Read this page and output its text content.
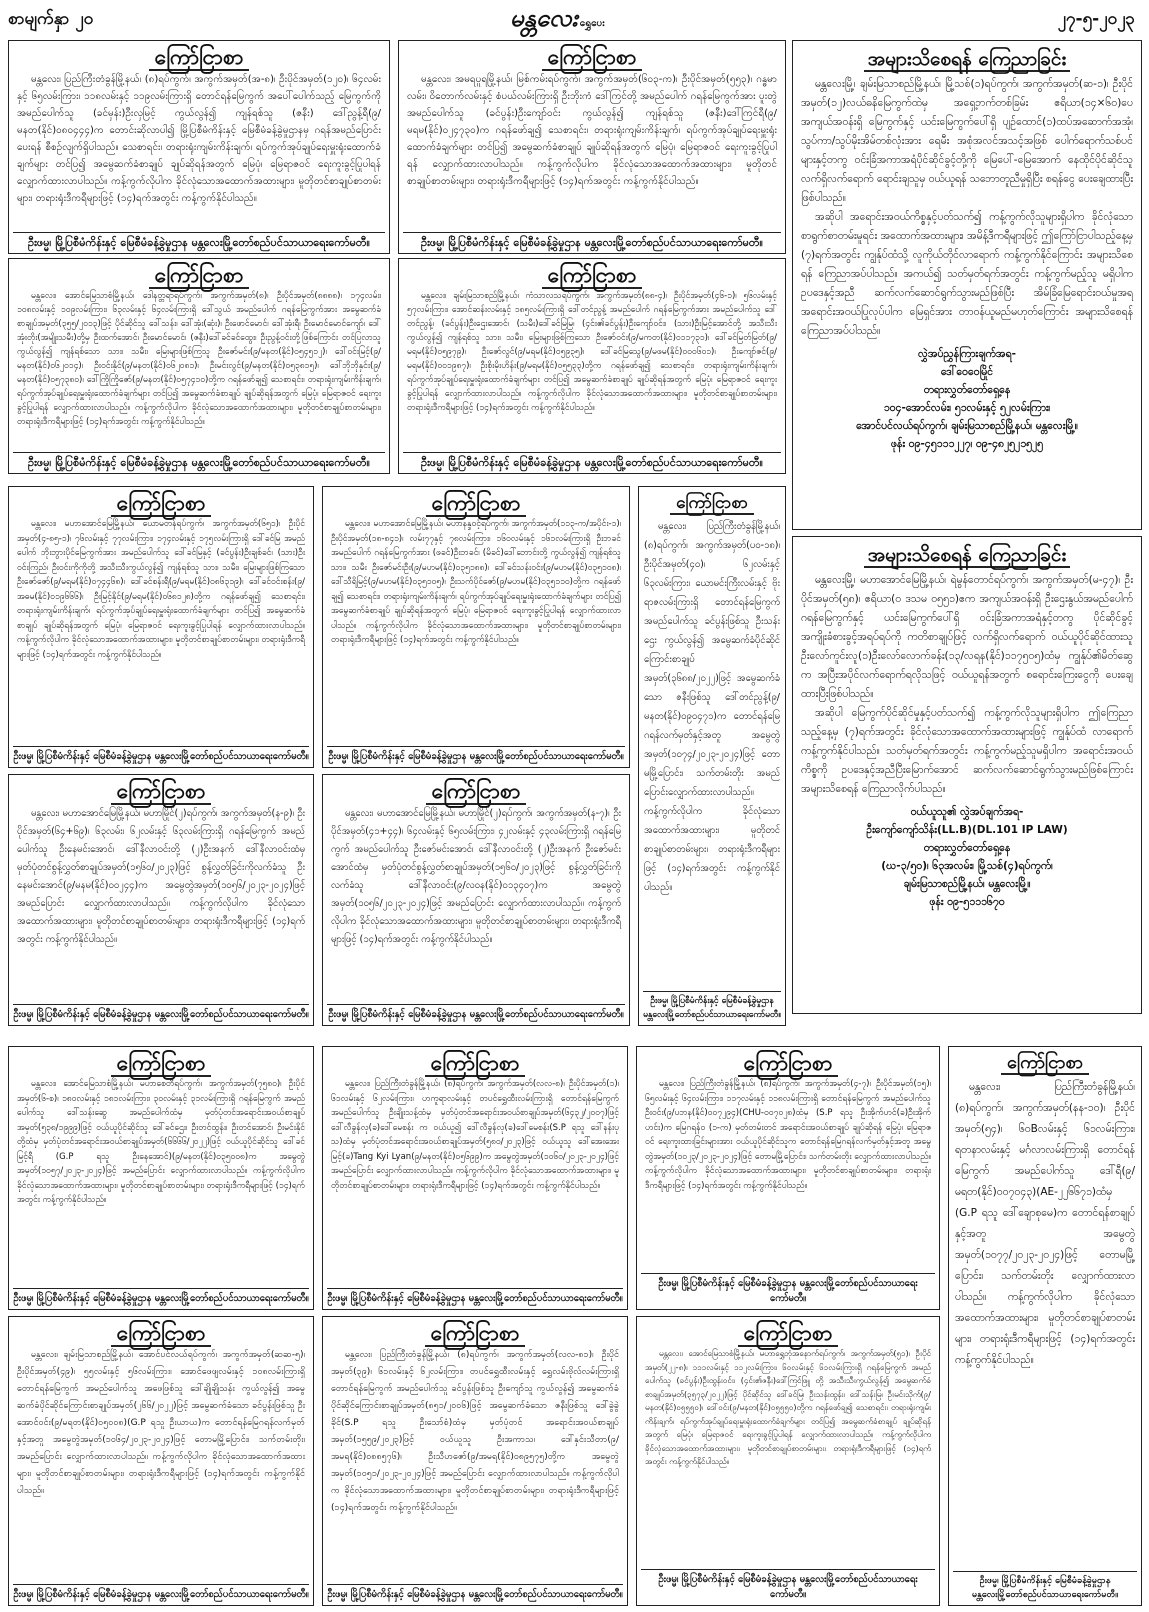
စာမျက်နှာ ၂၀	မန္တလေး ရွှေပေး	၂၇-၅-၂၀၂၃
ကြော်ငြာစာ
မန္တလေး၊ ပြည်ကြီးတံခွန်မြို့နယ်၊ (၈)ရပ်ကွက်၊ အကွက်အမှတ်(အ-၈)၊ ဦးပိုင်အမှတ်(၁၂၀)၊ ၆၄လမ်းနှင့် ၆၅လမ်းကြား၊ ၁၁၈လမ်းနှင့် ၁၁၉လမ်းကြားရှိ တောင်ရန်မြေကွက် အပေါ်ပေါက်သည့် မြေကွက်ကို အမည်ပေါက်သူ (ခင်မှန်း)ဦးလှမြင့် ကွယ်လွန်၍ ကျန်ရစ်သူ (ဇနီး) ဒေါ်ညွန့်ရီ(၉/မနတ(နိုင်)၀၈၀၄၄၄)က တောင်းဆိုလာပါ၍ မြို့ပြစီမံကိန်းနှင့် မြေစီမံခန့်ခွဲမှုဌာနမှ ဂရန်အမည်ပြောင်းပေးရန် စီစဉ်လျက်ရှိပါသည်။ သေစာရင်း၊ တရားရုံးကျမ်းကိန်းချက်၊ ရပ်ကွက်အုပ်ချုပ်ရေးမှူးရုံးထောက်ခံချက်များ တင်ပြ၍ အမွေဆက်ခံစာချုပ် ချုပ်ဆိုရန်အတွက် မြေပုံ၊ မြေရာဇဝင် ရေးကူးခွင့်ပြုပါရန် လျှောက်ထားလာပါသည်။ ကန့်ကွက်လိုပါက ခိုင်လုံသောအထောက်အထားများ၊ မူတိုတင်စာချုပ်စာတမ်းများ၊ တရားရုံးဒီကရီများဖြင့် (၁၄)ရက်အတွင်း ကန့်ကွက်နိုင်ပါသည်။
ဦးဖမ္မ၊ မြို့ပြစီမံကိန်းနှင့် မြေစီမံခန့်ခွဲမှုဌာန မန္တလေးမြို့တော်စည်ပင်သာယာရေးကော်မတီ။
ကြော်ငြာစာ
မန္တလေး၊ အမရပူရမြို့နယ်၊ မြစ်ကမ်းရပ်ကွက်၊ အကွက်အမှတ်(၆၀၃-က)၊ ဦးပိုင်အမှတ်(၅၅၃)၊ ဂန္ဓမာလမ်း၊ ဝိတောက်လမ်းနှင့် စံပယ်လမ်းကြားရှိ ဦးဘိုးကံ ဒေါ်ကြင်တို့ အမည်ပေါက် ဂရန်မြေကွက်အား ပူးတွဲအမည်ပေါက်သူ (ခင်ပွန်း)ဦးကျော်ဝင်း ကွယ်လွန်၍ ကျန်ရစ်သူ (ဇနီး)ဒေါ်ကြင်ရီ(၉/မရမ(နိုင်)၀၂၄၇၃၀)က ဂရန်ဖော်ချ၍ သေစာရင်း၊ တရားရုံးကျမ်းကိန်းချက်၊ ရပ်ကွက်အုပ်ချုပ်ရေးမှူးရုံးထောက်ခံချက်များ တင်ပြ၍ အမွေဆက်ခံစာချုပ် ချုပ်ဆိုရန်အတွက် မြေပုံ၊ မြေရာဇဝင် ရေးကူးခွင့်ပြုပါရန် လျှောက်ထားလာပါသည်။ ကန့်ကွက်လိုပါက ခိုင်လုံသောအထောက်အထားများ၊ မူတိုတင်စာချုပ်စာတမ်းများ၊ တရားရုံးဒီကရီများဖြင့် (၁၄)ရက်အတွင်း ကန့်ကွက်နိုင်ပါသည်။
ဦးဖမ္မ၊ မြို့ပြစီမံကိန်းနှင့် မြေစီမံခန့်ခွဲမှုဌာန မန္တလေးမြို့တော်စည်ပင်သာယာရေးကော်မတီ။
ကြော်ငြာစာ
မန္တလေး၊ အောင်မြေသာစံမြို့နယ်၊ ဒေါနတ္တရာရပ်ကွက်၊ အကွက်အမှတ်(၈)၊ ဦးပိုင်အမှတ်(၈၈၈၈)၊ ၁၇၄လမ်း၊ ၁၀၈လမ်းနှင့် ၁၀၉လမ်းကြား၊ ၆၃လမ်းနှင့် ၆၄လမ်းကြားရှိ ဒေါ်သွယ် အမည်ပေါက် ဂရန်မြေကွက်အား အမွေဆက်ခံစာချုပ်အမှတ်(၃၅၅/၂၀၁၃)ဖြင့် ပိုင်ဆိုင်သူ ဒေါ်သန်း၊ ဒေါ်အုံး(ဆုံး)၊ ဦးဖောင်မောင်၊ ဒေါ်အုံးရီ၊ ဦးမောင်မောင်ကျော်၊ ဒေါ်အုံးတိုး(အမျိုးသမီး)တို့မှ ဦးထက်အောင်၊ ဦးမောင်မောင်၊ (ဇနီး)ဒေါ်ခင်ခင်ထွေး၊ ဦးညွန့်ဝင်းတို့ဖြစ်ကြောင်း တင်ပြလာသူ ကွယ်လွန်၍ ကျန်ရစ်သော သား၊ သမီး၊ မြေးများဖြစ်ကြသူ ဦးဇော်မင်း(၉/မနတ(နိုင်)၀၅၄၅၁၂)၊ ဒေါ်ဝင်းမြင့်(၉/မနတ(နိုင်)၀၆၂၀၁၄)၊ ဦးဝင်းနိုင်(၉/မနတ(နိုင်)၀၆၂၀၈၁)၊ ဦးမင်းလွင်(၉/မနတ(နိုင်)၀၅၃၈၁၅)၊ ဒေါ်ဘိုဘိုနှင်း(၉/မနတ(နိုင်)၀၅၇၃၈၀)၊ ဒေါ်ကြိုကြိုဇော်(၉/မနတ(နိုင်)၀၅၇၄၁၀)တို့က ဂရန်ဖော်ချ၍ သေစာရင်း၊ တရားရုံးကျမ်းကိန်းချက်၊ ရပ်ကွက်အုပ်ချုပ်ရေးမှူးရုံးထောက်ခံချက်များ တင်ပြ၍ အမွေဆက်ခံစာချုပ် ချုပ်ဆိုရန်အတွက် မြေပုံ၊ မြေရာဇဝင် ရေးကူးခွင့်ပြုပါရန် လျှောက်ထားလာပါသည်။ ကန့်ကွက်လိုပါက ခိုင်လုံသောအထောက်အထားများ၊ မူတိုတင်စာချုပ်စာတမ်းများ၊ တရားရုံးဒီကရီများဖြင့် (၁၄)ရက်အတွင်း ကန့်ကွက်နိုင်ပါသည်။
ဦးဖမ္မ၊ မြို့ပြစီမံကိန်းနှင့် မြေစီမံခန့်ခွဲမှုဌာန မန္တလေးမြို့တော်စည်ပင်သာယာရေးကော်မတီ။
ကြော်ငြာစာ
မန္တလေး၊ ချမ်းမြသာစည်မြို့နယ်၊ ကံသာလသရပ်ကွက်၊ အကွက်အမှတ်(၈၈-၄)၊ ဦးပိုင်အမှတ်(၄၆-၁)၊ ၅၆လမ်းနှင့် ၅၇လမ်းကြား၊ အောင်ဆန်းလမ်းနှင့် ၁၈၅လမ်းကြားရှိ ဒေါ်တင်ညွန့် အမည်ပေါက် ဂရန်မြေကွက်အား အမည်ပေါက်သူ ဒေါ်တင်ညွန့်၊ (ခင်ပွန်း)ဦးဌေးအောင်၊ (သမီး)ဒေါ်ခင်မြမြ၊ (၄င်း၏ခင်ပွန်း)ဦးကျော်ဝင်း၊ (သား)ဦးမြင့်အောင်တို့ အသီးသီးကွယ်လွန်၍ ကျန်ရစ်သူ သား၊ သမီး၊ မြေးများဖြစ်ကြသော ဦးဇော်ဝင်း(၉/မကတ(နိုင်)၀၁၁၇၃၁)၊ ဒေါ်ခင်မြတ်မြတ်(၉/မရမ(နိုင်)၀၅၉၇၉)၊ ဦးဇော်လွင်(၉/မရမ(နိုင်)၀၅၉၃၅)၊ ဒေါ်ခင်မြသွေ(၉/မဖမ(နိုင်)၀၀၀၆၀၁)၊ ဦးကျော်ဇင်(၉/မရမ(နိုင်)၀၀၁၉၈၇)၊ ဦးစိုးမိုးဟိန်း(၉/မရမ(နိုင်)၀၅၅၃၃)တို့က ဂရန်ဖော်ချ၍ သေစာရင်း၊ တရားရုံးကျမ်းကိန်းချက်၊ ရပ်ကွက်အုပ်ချုပ်ရေးမှူးရုံးထောက်ခံချက်များ တင်ပြ၍ အမွေဆက်ခံစာချုပ် ချုပ်ဆိုရန်အတွက် မြေပုံ၊ မြေရာဇဝင် ရေးကူးခွင့်ပြုပါရန် လျှောက်ထားလာပါသည်။ ကန့်ကွက်လိုပါက ခိုင်လုံသောအထောက်အထားများ၊ မူတိုတင်စာချုပ်စာတမ်းများ၊ တရားရုံးဒီကရီများဖြင့် (၁၄)ရက်အတွင်း ကန့်ကွက်နိုင်ပါသည်။
ဦးဖမ္မ၊ မြို့ပြစီမံကိန်းနှင့် မြေစီမံခန့်ခွဲမှုဌာန မန္တလေးမြို့တော်စည်ပင်သာယာရေးကော်မတီ။
အများသိစေရန် ကြေညာခြင်း
မန္တလေးမြို့၊ ချမ်းမြသာစည်မြို့နယ်၊ မြို့သစ်(၁)ရပ်ကွက်၊ အကွက်အမှတ်(ဆ-၁)၊ ဦးပိုင်အမှတ်(၁၂)လယ်ဓနိမြေကွက်ထဲမှ အရှေ့ဘက်တစ်ခြမ်း ဧရိယာ(၁၄×၆၀)ပေ အကျယ်အဝန်းရှိ မြေကွက်နှင့် ယင်းမြေကွက်ပေါ်ရှိ ပျဉ်ထောင်(၁)ထပ်အဆောက်အအုံ၊ သွပ်ကာ/သွပ်မိုးအိမ်တစ်လုံးအား ရေမီး အစုံအလင်အသင့်အဖြစ် ပေါက်ရောက်သစ်ပင်များနှင့်တကွ ဝင်းခြံအကာအရံပိုင်ဆိုင်ခွင့်တို့ကို မြေပေါ်-မြေအောက် နေထိုင်ပိုင်ဆိုင်သူ လက်ရှိလက်ရောက် ရောင်းချသူမှ ဝယ်ယူရန် သဘောတူညီမှုရှိပြီး စရန်ငွေ ပေးချေထားပြီးဖြစ်ပါသည်။
အဆိုပါ အရောင်းအဝယ်ကိစ္စနှင့်ပတ်သက်၍ ကန့်ကွက်လိုသူများရှိပါက ခိုင်လုံသောစာရွက်စာတမ်းမူရင်း အထောက်အထားများ၊ အမိန့်ဒီကရီများဖြင့် ဤကြော်ငြာပါသည့်နေ့မှ (၇)ရက်အတွင်း ကျွန်ုပ်ထံသို့ လူကိုယ်တိုင်လာရောက် ကန့်ကွက်နိုင်ကြောင်း အများသိစေရန် ကြေညာအပ်ပါသည်။ အကယ်၍ သတ်မှတ်ရက်အတွင်း ကန့်ကွက်မည့်သူ မရှိပါက ဥပဒေနှင့်အညီ ဆက်လက်ဆောင်ရွက်သွားမည်ဖြစ်ပြီး အိမ်ခြံမြေရောင်းဝယ်မှုအရ အရောင်းအဝယ်ပြုလုပ်ပါက မြေရှင်အား တာဝန်ယူမည်မဟုတ်ကြောင်း အများသိစေရန် ကြေညာအပ်ပါသည်။
လွှဲအပ်ညွှန်ကြားချက်အရ-
ဒေါ်ဝေဝေမြိုင်
တရားလွှတ်တော်ရှေ့နေ
၁၀၄-အောင်လမ်း၊ ၅၁လမ်းနှင့် ၅၂လမ်းကြား၊
အောင်ပင်လယ်ရပ်ကွက်၊ ချမ်းမြသာစည်မြို့နယ်၊ မန္တလေးမြို့။
ဖုန်း ၀၉-၄၅၁၁၁၂၂၇၊ ၀၉-၄၈၂၅၂၁၅၂၅
အများသိစေရန် ကြေညာခြင်း
မန္တလေးမြို့၊ မဟာအောင်မြေမြို့နယ်၊ ရဲမွန်တောင်ရပ်ကွက်၊ အကွက်အမှတ်(မ-၄၇)၊ ဦးပိုင်အမှတ်(၅၈)၊ ဧရိယာ(၀ ဒသမ ၀၅၅၁)ဧက အကျယ်အဝန်းရှိ ဦးဌေးနွယ်အမည်ပေါက် ဂရန်မြေကွက်နှင့် ယင်းမြေကွက်ပေါ်ရှိ ဝင်းခြံအကာအရံနှင့်တကွ ပိုင်ဆိုင်ခွင့်အကျိုးခံစားခွင့်အရပ်ရပ်ကို ကတိစာချုပ်ဖြင့် လက်ရှိလက်ရောက် ဝယ်ယူပိုင်ဆိုင်ထားသူ ဦးလော်ကူင်းလူ(၁)ဦးလော်လောက်ခန်း(၁၃/လရန(နိုင်)၁၁၇၅၀၅)ထံမှ ကျွန်ုပ်၏မိတ်ဆွေက အပြီးအပိုင်လက်ရောက်ရလိုသဖြင့် ဝယ်ယူရန်အတွက် စရောင်းကြေးငွေကို ပေးချေထားပြီးဖြစ်ပါသည်။
အဆိုပါ မြေကွက်ပိုင်ဆိုင်မှုနှင့်ပတ်သက်၍ ကန့်ကွက်လိုသူများရှိပါက ဤကြေညာသည့်နေ့မှ (၇)ရက်အတွင်း ခိုင်လုံသောအထောက်အထားများဖြင့် ကျွန်ုပ်ထံ လာရောက်ကန့်ကွက်နိုင်ပါသည်။ သတ်မှတ်ရက်အတွင်း ကန့်ကွက်မည့်သူမရှိပါက အရောင်းအဝယ်ကိစ္စကို ဥပဒေနှင့်အညီပြီးမြောက်အောင် ဆက်လက်ဆောင်ရွက်သွားမည်ဖြစ်ကြောင်း အများသိစေရန် ကြေညာလိုက်ပါသည်။
ဝယ်ယူသူ၏ လွှဲအပ်ချက်အရ-
ဦးကျော်ကျော်သိန်း(LL.B)(DL.101 IP LAW)
တရားလွှတ်တော်ရှေ့နေ
(ဃ-၃/၅၀)၊ ၆၃အလမ်း၊ မြို့သစ်(၄)ရပ်ကွက်၊
ချမ်းမြသာစည်မြို့နယ်၊ မန္တလေးမြို့။
ဖုန်း ၀၉-၅၁၁၁၆၇၀
ကြော်ငြာစာ
မန္တလေး၊ မဟာအောင်မြေမြို့နယ်၊ ယောမတန်ရပ်ကွက်၊ အကွက်အမှတ်(၆၅၁)၊ ဦးပိုင်အမှတ်(၄-၈၅-၁)၊ ၇၆လမ်းနှင့် ၇၇လမ်းကြား၊ ၁၇၄လမ်းနှင့် ၁၇၅လမ်းကြားရှိ ဒေါ်ခင်မြ အမည်ပေါက် ဘိုးဘွားပိုင်မြေကွက်အား အမည်ပေါက်သူ ဒေါ်ခင်မြနှင့် (ခင်ပွန်း)ဦးချစ်ခင်၊ (သား)ဦးဝင်းကြည်၊ ဦးဝင်းကိုကိုတို့ အသီးသီးကွယ်လွန်၍ ကျန်ရစ်သူ သား၊ သမီး၊ မြေးများဖြစ်ကြသော ဦးဇော်ဇော်(၉/မရမ(နိုင်)၀၇၄၄၆၈)၊ ဒေါ်ခင်စန်းရီ(၉/မရမ(နိုင်)၀၈၆၃၁၉)၊ ဒေါ်ခင်ဝင်းစန်း(၉/အဓမ(နိုင်)၀၁၉၆၆၆)၊ ဦးမြင့်နိုင်(၉/မရမ(နိုင်)၀၆၈၁၂၈)တို့က ဂရန်ဖော်ချ၍ သေစာရင်း၊ တရားရုံးကျမ်းကိန်းချက်၊ ရပ်ကွက်အုပ်ချုပ်ရေးမှူးရုံးထောက်ခံချက်များ တင်ပြ၍ အမွေဆက်ခံစာချုပ် ချုပ်ဆိုရန်အတွက် မြေပုံ၊ မြေရာဇဝင် ရေးကူးခွင့်ပြုပါရန် လျှောက်ထားလာပါသည်။ ကန့်ကွက်လိုပါက ခိုင်လုံသောအထောက်အထားများ၊ မူတိုတင်စာချုပ်စာတမ်းများ၊ တရားရုံးဒီကရီများဖြင့် (၁၄)ရက်အတွင်း ကန့်ကွက်နိုင်ပါသည်။
ဦးဖမ္မ၊ မြို့ပြစီမံကိန်းနှင့် မြေစီမံခန့်ခွဲမှုဌာန မန္တလေးမြို့တော်စည်ပင်သာယာရေးကော်မတီ။
ကြော်ငြာစာ
မန္တလေး၊ မဟာအောင်မြေမြို့နယ်၊ မဟာနန္ဒဝင့်ရပ်ကွက်၊ အကွက်အမှတ်(၁၁၃-က/အပိုင်း-၁)၊ ဦးပိုင်အမှတ်(၁၈-၈၄၁)၊ လမ်း၇၇နှင့် ၇၈လမ်းကြား၊ ၁၆၀လမ်းနှင့် ၁၆၁လမ်းကြားရှိ ဦးဘခင် အမည်ပေါက် ဂရန်မြေကွက်အား (ဖခင်)ဦးဘခင်၊ (မိခင်)ဒေါ်ဘောင်းတို့ ကွယ်လွန်၍ ကျန်ရစ်သူ သား၊ သမီး ဦးဇော်မင်းဦး(၉/မဟမ(နိုင်)၀၃၅၁၈၈)၊ ဒေါ်ခင်သန်းဝင်း(၉/မဟမ(နိုင်)၀၃၅၁၀၈)၊ ဒေါ်သီရိမြင့်(၉/မဟမ(နိုင်)၀၃၅၁၀၅)၊ ဦးသက်ပိုင်ဇော်(၉/မဟမ(နိုင်)၀၃၅၁၁၀)တို့က ဂရန်ဖော်ချ၍ သေစာရင်း၊ တရားရုံးကျမ်းကိန်းချက်၊ ရပ်ကွက်အုပ်ချုပ်ရေးမှူးရုံးထောက်ခံချက်များ တင်ပြ၍ အမွေဆက်ခံစာချုပ် ချုပ်ဆိုရန်အတွက် မြေပုံ၊ မြေရာဇဝင် ရေးကူးခွင့်ပြုပါရန် လျှောက်ထားလာပါသည်။ ကန့်ကွက်လိုပါက ခိုင်လုံသောအထောက်အထားများ၊ မူတိုတင်စာချုပ်စာတမ်းများ၊ တရားရုံးဒီကရီများဖြင့် (၁၄)ရက်အတွင်း ကန့်ကွက်နိုင်ပါသည်။
ဦးဖမ္မ၊ မြို့ပြစီမံကိန်းနှင့် မြေစီမံခန့်ခွဲမှုဌာန မန္တလေးမြို့တော်စည်ပင်သာယာရေးကော်မတီ။
ကြော်ငြာစာ
မန္တလေး၊ ပြည်ကြီးတံခွန်မြို့နယ်၊ (၈)ရပ်ကွက်၊ အကွက်အမှတ်(ပ၀-၁၈)၊ ဦးပိုင်အမှတ်(၄၀)၊ ၆၂လမ်းနှင့် ၆၃လမ်းကြား၊ ယောမင်းကြီးလမ်းနှင့် ဗိုးရာဇလမ်းကြားရှိ တောင်ရန်မြေကွက် အမည်ပေါက်သူ ခင်ပွန်းဖြစ်သူ ဦးသန်းဌေး ကွယ်လွန်၍ အမွေဆက်ခံပိုင်ဆိုင်ကြောင်းစာချုပ်အမှတ်(၃၆၈၈/၂၀၂၂)ဖြင့် အမွေဆက်ခံသော ဇနီးဖြစ်သူ ဒေါ်တင်ညွန့်(၉/မနတ(နိုင်)၀၉၀၄၇၁)က တောင်ရန်မြေဂရန်လက်မှတ်နှင့်အတူ အမွေတွဲအမှတ်(၁၀၇၄/၂၀၂၃-၂၀၂၄)ဖြင့် တောမမြို့ပြောင်း၊ သက်တမ်းတိုး အမည်ပြောင်းလျှောက်ထားလာပါသည်။ ကန့်ကွက်လိုပါက ခိုင်လုံသောအထောက်အထားများ၊ မူတိုတင်စာချုပ်စာတမ်းများ၊ တရားရုံးဒီကရီများဖြင့် (၁၄)ရက်အတွင်း ကန့်ကွက်နိုင်ပါသည်။
ဦးဖမ္မ၊ မြို့ပြစီမံကိန်းနှင့် မြေစီမံခန့်ခွဲမှုဌာန
မန္တလေးမြို့တော်စည်ပင်သာယာရေးကော်မတီ။
ကြော်ငြာစာ
မန္တလေး၊ မဟာအောင်မြေမြို့နယ်၊ မဟာမြိုင်(၂)ရပ်ကွက်၊ အကွက်အမှတ်(န-၉)၊ ဦးပိုင်အမှတ်(၆၄+၆၉)၊ ၆၃လမ်း၊ ၆၂လမ်းနှင့် ၆၃လမ်းကြားရှိ ဂရန်မြေကွက် အမည်ပေါက်သူ ဦးနေမင်းအောင်၊ ဒေါ်နီလာဝင်းတို့ (၂)ဦးအနက် ဒေါ်နီလာဝင်းထံမှ မှတ်ပုံတင်စွန့်လွှတ်စာချုပ်အမှတ်(၁၅၆၀/၂၀၂၃)ဖြင့် စွန့်လွှတ်ခြင်းကိုလက်ခံသူ ဦးနေမင်းအောင်(၉/မနမ(နိုင်)၀၀၂၄၄)က အမွေတွဲအမှတ်(၁၀၅၆/၂၀၂၃-၂၀၂၄)ဖြင့် အမည်ပြောင်း လျှောက်ထားလာပါသည်။ ကန့်ကွက်လိုပါက ခိုင်လုံသောအထောက်အထားများ၊ မူတိုတင်စာချုပ်စာတမ်းများ၊ တရားရုံးဒီကရီများဖြင့် (၁၄)ရက်အတွင်း ကန့်ကွက်နိုင်ပါသည်။
ဦးဖမ္မ၊ မြို့ပြစီမံကိန်းနှင့် မြေစီမံခန့်ခွဲမှုဌာန မန္တလေးမြို့တော်စည်ပင်သာယာရေးကော်မတီ။
ကြော်ငြာစာ
မန္တလေး၊ မဟာအောင်မြေမြို့နယ်၊ မဟာမြိုင်(၂)ရပ်ကွက်၊ အကွက်အမှတ်(န-၇)၊ ဦးပိုင်အမှတ်(၄၁+၄၄)၊ ၆၄လမ်းနှင့် ၆၅လမ်းကြား၊ ၄၂လမ်းနှင့် ၄၃လမ်းကြားရှိ ဂရန်မြေကွက် အမည်ပေါက်သူ ဦးဇော်မင်းအောင်၊ ဒေါ်နီလာဝင်းတို့ (၂)ဦးအနက် ဦးဇော်မင်းအောင်ထံမှ မှတ်ပုံတင်စွန့်လွှတ်စာချုပ်အမှတ်(၁၅၆၀/၂၀၂၃)ဖြင့် စွန့်လွှတ်ခြင်းကိုလက်ခံသူ ဒေါ်နီလာဝင်း(၉/လဝန(နိုင်)၀၁၃၄၀၇)က အမွေတွဲအမှတ်(၁၀၅၆/၂၀၂၃-၂၀၂၄)ဖြင့် အမည်ပြောင်း လျှောက်ထားလာပါသည်။ ကန့်ကွက်လိုပါက ခိုင်လုံသောအထောက်အထားများ၊ မူတိုတင်စာချုပ်စာတမ်းများ၊ တရားရုံးဒီကရီများဖြင့် (၁၄)ရက်အတွင်း ကန့်ကွက်နိုင်ပါသည်။
ဦးဖမ္မ၊ မြို့ပြစီမံကိန်းနှင့် မြေစီမံခန့်ခွဲမှုဌာန မန္တလေးမြို့တော်စည်ပင်သာယာရေးကော်မတီ။
ကြော်ငြာစာ
မန္တလေး၊ အောင်မြေသာစံမြို့နယ်၊ မဟာစေတီရပ်ကွက်၊ အကွက်အမှတ်(၇၅၈၀)၊ ဦးပိုင်အမှတ်(၆-စ)၊ ၁၈၀လမ်းနှင့် ၁၈၁လမ်းကြား၊ ၃၀လမ်းနှင့် ၃၁လမ်းကြားရှိ ဂရန်မြေကွက် အမည်ပေါက်သူ ဒေါ်သန်းဆွေ အမည်ပေါက်ထံမှ မှတ်ပုံတင်အရောင်းအဝယ်စာချုပ်အမှတ်(၅၃၈/၁၉၉၉)ဖြင့် ဝယ်ယူပိုင်ဆိုင်သူ ဒေါ်ခင်ဌေး၊ ဦးတင်ထွန်း၊ ဦးတင်အောင်၊ ဦးမင်းနိုင်တို့ထံမှ မှတ်ပုံတင်အရောင်းအဝယ်စာချုပ်အမှတ်(၆၆၆၆/၂၀၂၂)ဖြင့် ဝယ်ယူပိုင်ဆိုင်သူ ဒေါ်ခင်မြင့်ရီ (G.P ရသူ ဦးနေအောင်)(၉/မနတ(နိုင်)၀၃၅၀၀၈)က အမွေတွဲအမှတ်(၁၀၅၇/၂၀၂၃-၂၀၂၄)ဖြင့် အမည်ပြောင်း လျှောက်ထားလာပါသည်။ ကန့်ကွက်လိုပါက ခိုင်လုံသောအထောက်အထားများ၊ မူတိုတင်စာချုပ်စာတမ်းများ၊ တရားရုံးဒီကရီများဖြင့် (၁၄)ရက်အတွင်း ကန့်ကွက်နိုင်ပါသည်။
ဦးဖမ္မ၊ မြို့ပြစီမံကိန်းနှင့် မြေစီမံခန့်ခွဲမှုဌာန မန္တလေးမြို့တော်စည်ပင်သာယာရေးကော်မတီ။
ကြော်ငြာစာ
မန္တလေး၊ ပြည်ကြီးတံခွန်မြို့နယ်၊ (၈)ရပ်ကွက်၊ အကွက်အမှတ်(လလ-၈)၊ ဦးပိုင်အမှတ်(၁)၊ ၆၁လမ်းနှင့် ၆၂လမ်းကြား၊ ဟကူရာလမ်းနှင့် တပင်ရွှေထီးလမ်းကြားရှိ တောင်ရန်မြေကွက် အမည်ပေါက်သူ ဦးချိုးသန့်ထံမှ မှတ်ပုံတင်အရောင်းအဝယ်စာချုပ်အမှတ်(၆၄၃၂/၂၀၀၇)ဖြင့် ဒေါ်လီခွန်လု(ခ)ဒေါ်မေစန်း က ဝယ်ယူ၍ ဒေါ်လီခွန်လု(ခ)ဒေါ်မေစန်း(S.P ရသူ ဒေါ်နန်းပုသ)ထံမှ မှတ်ပုံတင်အရောင်းအဝယ်စာချုပ်အမှတ်(၅၈၀/၂၀၂၃)ဖြင့် ဝယ်ယူသူ ဒေါ်အေးအေးမြင့်(ခ)Tang Kyi Lyan(၉/မနတ(နိုင်)၀၅၆၉၉)က အမွေတွဲအမှတ်(၁၀၆၀/၂၀၂၃-၂၀၂၄)ဖြင့် အမည်ပြောင်း လျှောက်ထားလာပါသည်။ ကန့်ကွက်လိုပါက ခိုင်လုံသောအထောက်အထားများ၊ မူတိုတင်စာချုပ်စာတမ်းများ၊ တရားရုံးဒီကရီများဖြင့် (၁၄)ရက်အတွင်း ကန့်ကွက်နိုင်ပါသည်။
ဦးဖမ္မ၊ မြို့ပြစီမံကိန်းနှင့် မြေစီမံခန့်ခွဲမှုဌာန မန္တလေးမြို့တော်စည်ပင်သာယာရေးကော်မတီ။
ကြော်ငြာစာ
မန္တလေး၊ ပြည်ကြီးတံခွန်မြို့နယ်၊ (၈)ရပ်ကွက်၊ အကွက်အမှတ်(၄-၇)၊ ဦးပိုင်အမှတ်(၁၅)၊ ၆၅လမ်းနှင့် ၆၄လမ်းကြား၊ ၁၁၇လမ်းနှင့် ၁၁၈လမ်းကြားရှိ တောင်ရန်မြေကွက် အမည်ပေါက်သူ ဦးဝင်း(၉/ပဘန(နိုင်)၀၀၇၂၉၄)(CHU-၀၀၇၀၂၈)ထံမှ (S.P ရသူ ဦးအိုက်ဟင်(ခ)ဦးအိုက်ဟင်း)က မြေဂရန်၀ (၁-က) မှတ်တမ်းတင် အရောင်းအဝယ်စာချုပ် ချုပ်ဆိုရန် မြေပုံ၊ မြေရာဇဝင် ရေးကူးထားခြင်းများအား ဝယ်ယူပိုင်ဆိုင်သူက တောင်ရန်မြေဂရန်လက်မှတ်နှင့်အတူ အမွေတွဲအမှတ်(၁၀၂၃/၂၀၂၃-၂၀၂၄)ဖြင့် တောမမြို့ပြောင်း၊ သက်တမ်းတိုး လျှောက်ထားလာပါသည်။ ကန့်ကွက်လိုပါက ခိုင်လုံသောအထောက်အထားများ၊ မူတိုတင်စာချုပ်စာတမ်းများ၊ တရားရုံးဒီကရီများဖြင့် (၁၄)ရက်အတွင်း ကန့်ကွက်နိုင်ပါသည်။
ဦးဖမ္မ၊ မြို့ပြစီမံကိန်းနှင့် မြေစီမံခန့်ခွဲမှုဌာန မန္တလေးမြို့တော်စည်ပင်သာယာရေးကော်မတီ။
ကြော်ငြာစာ
မန္တလေး၊ ပြည်ကြီးတံခွန်မြို့နယ်၊ (၈)ရပ်ကွက်၊ အကွက်အမှတ်(နန-၁၀)၊ ဦးပိုင်အမှတ်(၅၄)၊ ၆၀Bလမ်းနှင့် ၆၁လမ်းကြား၊ ရတနာလမ်းနှင့် မင်္ဂလာလမ်းကြားရှိ တောင်ရန်မြေကွက် အမည်ပေါက်သူ ဒေါ်ရီ(၉/မရတ(နိုင်)၀၀၇၀၄၃)(AE-၂၂၆၆၇၁)ထံမှ (G.P ရသူ ဒေါ်ချောစုမေ)က တောင်ရန်စာချုပ်နှင့်အတူ အမွေတွဲအမှတ်(၁၀၇၇/၂၀၂၃-၂၀၂၄)ဖြင့် တောမမြို့ပြောင်း၊ သက်တမ်းတိုး လျှောက်ထားလာပါသည်။ ကန့်ကွက်လိုပါက ခိုင်လုံသောအထောက်အထားများ၊ မူတိုတင်စာချုပ်စာတမ်းများ၊ တရားရုံးဒီကရီများဖြင့် (၁၄)ရက်အတွင်း ကန့်ကွက်နိုင်ပါသည်။
ဦးဖမ္မ၊ မြို့ပြစီမံကိန်းနှင့် မြေစီမံခန့်ခွဲမှုဌာန
မန္တလေးမြို့တော်စည်ပင်သာယာရေးကော်မတီ။
ကြော်ငြာစာ
မန္တလေး၊ ချမ်းမြသာစည်မြို့နယ်၊ အောင်ပင်လယ်ရပ်ကွက်၊ အကွက်အမှတ်(ဆဆ-၅)၊ ဦးပိုင်အမှတ်(၄၉)၊ ၅၅လမ်းနှင့် ၅၆လမ်းကြား၊ အောင်ဖေဖျလမ်းနှင့် ၁၀၈လမ်းကြားရှိ တောင်ရန်မြေကွက် အမည်ပေါက်သူ အဖေဖြစ်သူ ဒေါ်ချိုချိုသန်း ကွယ်လွန်၍ အမွေဆက်ခံပိုင်ဆိုင်ကြောင်းစာချုပ်အမှတ်(၂၆၆/၂၀၂၂)ဖြင့် အမွေဆက်ခံသော ခင်ပွန်းဖြစ်သူ ဦးအောင်ဝင်း(၉/မရတ(နိုင်)၀၅၀၀၈)(G.P ရသူ ဦးယာယ)က တောင်ရန်မြေဂရန်လက်မှတ်နှင့်အတူ အမွေတွဲအမှတ်(၁၀၆၄/၂၀၂၃-၂၀၂၄)ဖြင့် တောမမြို့ပြောင်း၊ သက်တမ်းတိုး၊ အမည်ပြောင်း လျှောက်ထားလာပါသည်။ ကန့်ကွက်လိုပါက ခိုင်လုံသောအထောက်အထားများ၊ မူတိုတင်စာချုပ်စာတမ်းများ၊ တရားရုံးဒီကရီများဖြင့် (၁၄)ရက်အတွင်း ကန့်ကွက်နိုင်ပါသည်။
ဦးဖမ္မ၊ မြို့ပြစီမံကိန်းနှင့် မြေစီမံခန့်ခွဲမှုဌာန မန္တလေးမြို့တော်စည်ပင်သာယာရေးကော်မတီ။
ကြော်ငြာစာ
မန္တလေး၊ ပြည်ကြီးတံခွန်မြို့နယ်၊ (၈)ရပ်ကွက်၊ အကွက်အမှတ်(လလ-၈၁)၊ ဦးပိုင်အမှတ်(၃၉)၊ ၆၁လမ်းနှင့် ၆၂လမ်းကြား၊ တပင်ရွှေထီးလမ်းနှင့် ရွှေလမ်းဗိုလ်လမ်းကြားရှိ တောင်ရန်မြေကွက် အမည်ပေါက်သူ ခင်ပွန်းဖြစ်သူ ဦးကျော်သူ ကွယ်လွန်၍ အမွေဆက်ခံပိုင်ဆိုင်ကြောင်းစာချုပ်အမှတ်(၈၅၁/၂၀၀၆)ဖြင့် အမွေဆက်ခံသော ဇနီးဖြစ်သူ ဒေါ်ခွဲခွဲခိုင်(S.P ရသူ ဦးသော်စံ)ထံမှ မှတ်ပုံတင် အရောင်းအဝယ်စာချုပ်အမှတ်(၁၅၅၉/၂၀၂၃)ဖြင့် ဝယ်ယူသူ ဦးအကာသ၊ ဒေါ်နှင်းသီတာ(၉/အမရ(နိုင်)၀၈၈၅၇၆)၊ ဦးသီဟဇော်(၉/အမရ(နိုင်)၀၈၉၅၇၅)တို့က အမွေတွဲအမှတ်(၁၀၅၁/၂၀၂၃-၂၀၂၄)ဖြင့် အမည်ပြောင်း လျှောက်ထားလာပါသည်။ ကန့်ကွက်လိုပါက ခိုင်လုံသောအထောက်အထားများ၊ မူတိုတင်စာချုပ်စာတမ်းများ၊ တရားရုံးဒီကရီများဖြင့် (၁၄)ရက်အတွင်း ကန့်ကွက်နိုင်ပါသည်။
ဦးဖမ္မ၊ မြို့ပြစီမံကိန်းနှင့် မြေစီမံခန့်ခွဲမှုဌာန မန္တလေးမြို့တော်စည်ပင်သာယာရေးကော်မတီ။
ကြော်ငြာစာ
မန္တလေး၊ အောင်မြေသာစံမြို့နယ်၊ မဟာရွှေဘုံအနောက်ရပ်ကွက်၊ အကွက်အမှတ်(၅၁)၊ ဦးပိုင်အမှတ်(၂၂-၈)၊ ၁၁၁လမ်းနှင့် ၁၁၂လမ်းကြား၊ ၆၀လမ်းနှင့် ၆၁လမ်းကြားရှိ ဂရန်မြေကွက် အမည်ပေါက်သူ (ခင်ပွန်း)ဦးထွန်းဝင်း၊ (၄င်း၏ဇနီး)ဒေါ်ကြင်ဖြူ တို့ အသီးသီးကွယ်လွန်၍ အမွေဆက်ခံစာချုပ်အမှတ်(၃၅၇၃/၂၀၂၂)ဖြင့် ပိုင်ဆိုင်သူ ဒေါ်ခင်မြ၊ ဦးသန်းထွန်း၊ ဒေါ်သန်းမြ၊ ဦးမင်းသိုက်(၉/မနတ(နိုင်)၀၅၅၅၀)၊ ဒေါ်ဝင်း(၉/မနတ(နိုင်)၀၅၅၅၀)တို့က ဂရန်ဖော်ချ၍ သေစာရင်း၊ တရားရုံးကျမ်းကိန်းချက်၊ ရပ်ကွက်အုပ်ချုပ်ရေးမှူးရုံးထောက်ခံချက်များ တင်ပြ၍ အမွေဆက်ခံစာချုပ် ချုပ်ဆိုရန်အတွက် မြေပုံ၊ မြေရာဇဝင် ရေးကူးခွင့်ပြုပါရန် လျှောက်ထားလာပါသည်။ ကန့်ကွက်လိုပါက ခိုင်လုံသောအထောက်အထားများ၊ မူတိုတင်စာချုပ်စာတမ်းများ၊ တရားရုံးဒီကရီများဖြင့် (၁၄)ရက်အတွင်း ကန့်ကွက်နိုင်ပါသည်။
ဦးဖမ္မ၊ မြို့ပြစီမံကိန်းနှင့် မြေစီမံခန့်ခွဲမှုဌာန မန္တလေးမြို့တော်စည်ပင်သာယာရေးကော်မတီ။
